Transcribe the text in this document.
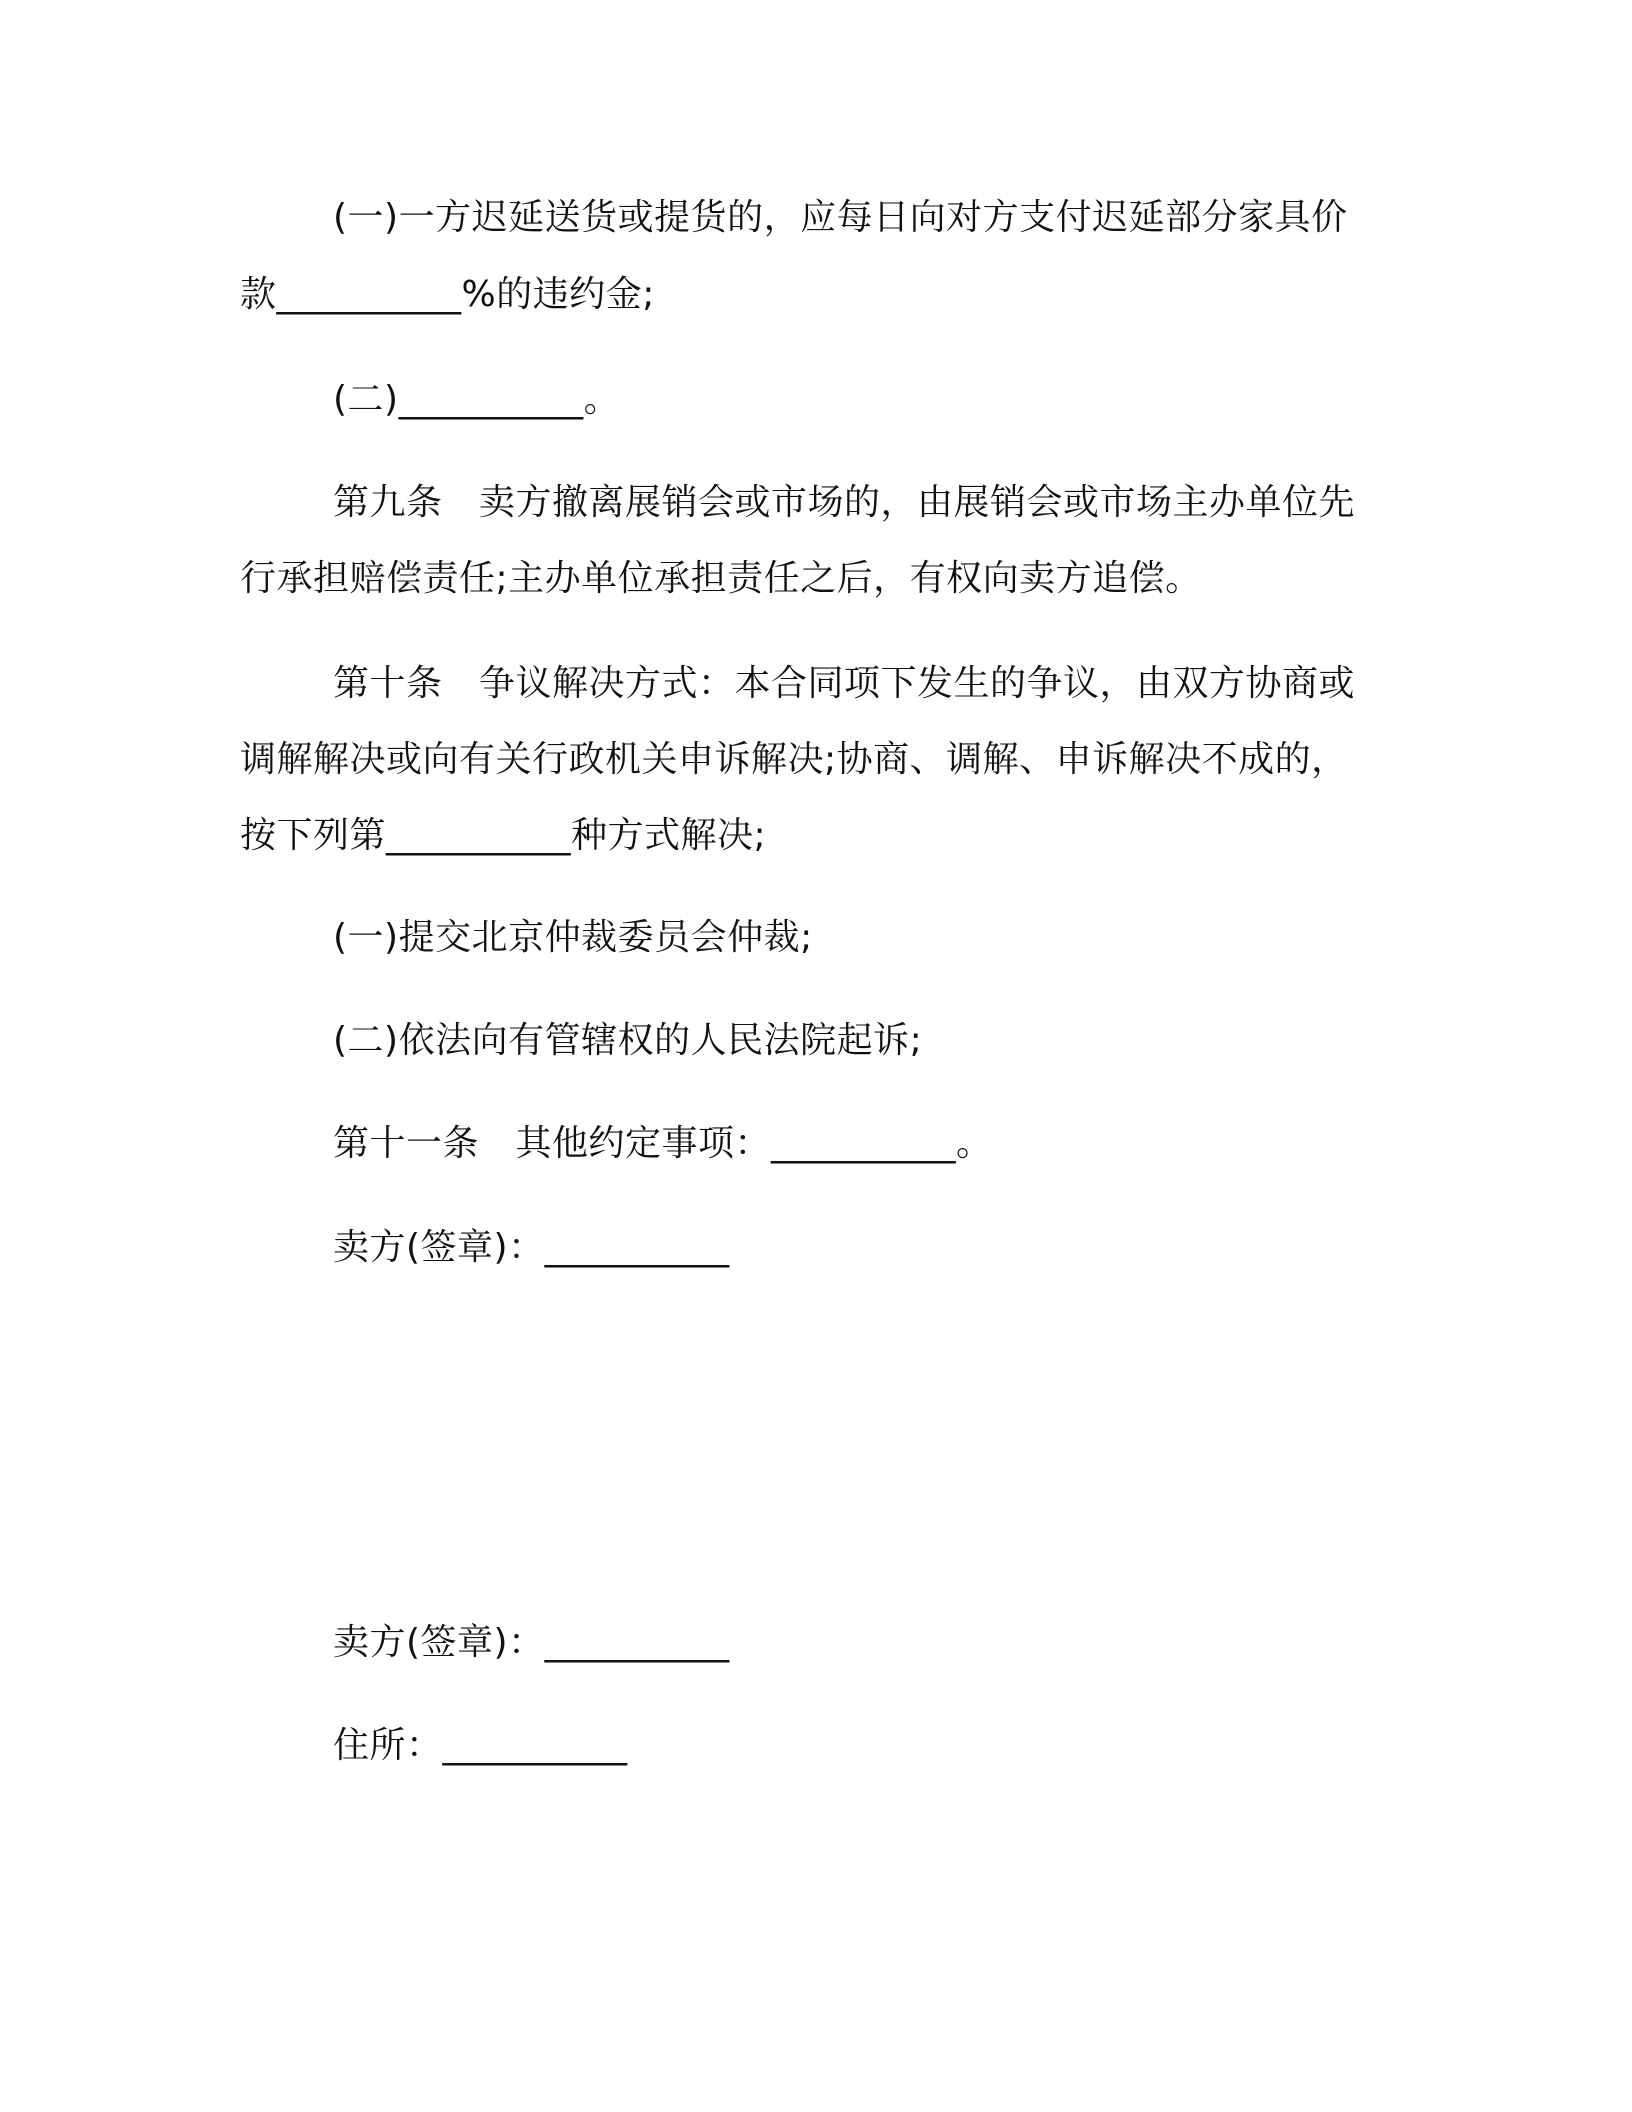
(一)一方迟延送货或提货的，应每日向对方支付迟延部分家具价

款__________%的违约金;

(二)__________。

第九条　卖方撤离展销会或市场的，由展销会或市场主办单位先

行承担赔偿责任;主办单位承担责任之后，有权向卖方追偿。

第十条　争议解决方式：本合同项下发生的争议，由双方协商或

调解解决或向有关行政机关申诉解决;协商、调解、申诉解决不成的，

按下列第__________种方式解决;

(一)提交北京仲裁委员会仲裁;

(二)依法向有管辖权的人民法院起诉;

第十一条　其他约定事项：__________。

卖方(签章)：__________

卖方(签章)：__________

住所：__________
